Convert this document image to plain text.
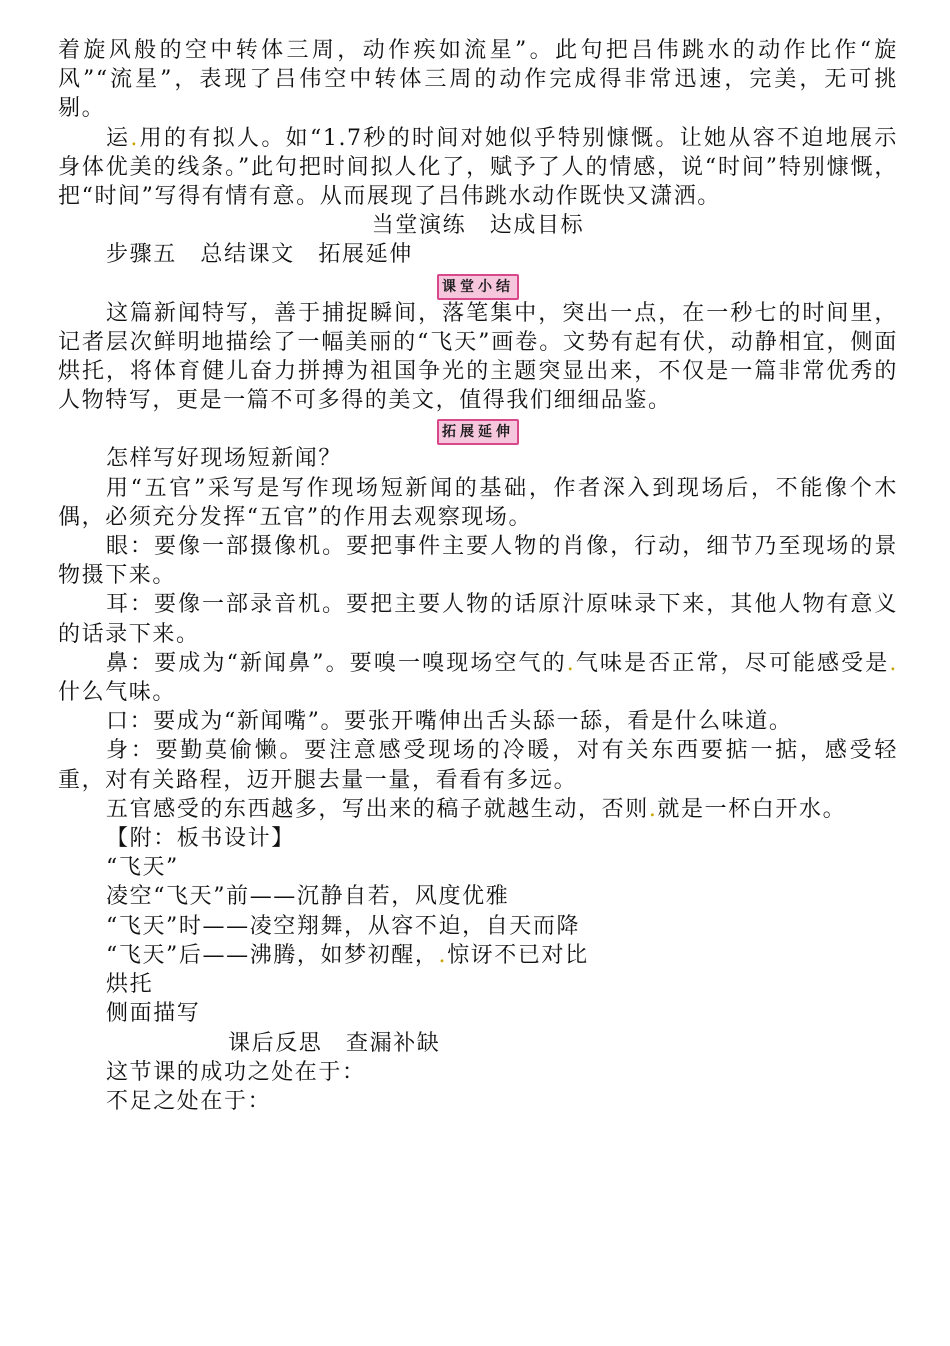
着旋风般的空中转体三周，动作疾如流星”。此句把吕伟跳水的动作比作“旋风”“流星”，表现了吕伟空中转体三周的动作完成得非常迅速，完美，无可挑剔。

运.用的有拟人。如“1.7秒的时间对她似乎特别慷慨。让她从容不迫地展示身体优美的线条。”此句把时间拟人化了，赋予了人的情感，说“时间”特别慷慨，把“时间”写得有情有意。从而展现了吕伟跳水动作既快又潇洒。

当堂演练　达成目标

步骤五　总结课文　拓展延伸

课堂小结

这篇新闻特写，善于捕捉瞬间，落笔集中，突出一点，在一秒七的时间里，记者层次鲜明地描绘了一幅美丽的“飞天”画卷。文势有起有伏，动静相宜，侧面烘托，将体育健儿奋力拼搏为祖国争光的主题突显出来，不仅是一篇非常优秀的人物特写，更是一篇不可多得的美文，值得我们细细品鉴。

拓展延伸

怎样写好现场短新闻？

用“五官”采写是写作现场短新闻的基础，作者深入到现场后，不能像个木偶，必须充分发挥“五官”的作用去观察现场。

眼：要像一部摄像机。要把事件主要人物的肖像，行动，细节乃至现场的景物摄下来。

耳：要像一部录音机。要把主要人物的话原汁原味录下来，其他人物有意义的话录下来。

鼻：要成为“新闻鼻”。要嗅一嗅现场空气的.气味是否正常，尽可能感受是.什么气味。

口：要成为“新闻嘴”。要张开嘴伸出舌头舔一舔，看是什么味道。

身：要勤莫偷懒。要注意感受现场的冷暖，对有关东西要掂一掂，感受轻重，对有关路程，迈开腿去量一量，看看有多远。

五官感受的东西越多，写出来的稿子就越生动，否则.就是一杯白开水。

【附：板书设计】

“飞天”

凌空“飞天”前——沉静自若，风度优雅

“飞天”时——凌空翔舞，从容不迫，自天而降

“飞天”后——沸腾，如梦初醒，.惊讶不已对比

烘托

侧面描写

课后反思　查漏补缺

这节课的成功之处在于：

不足之处在于：
